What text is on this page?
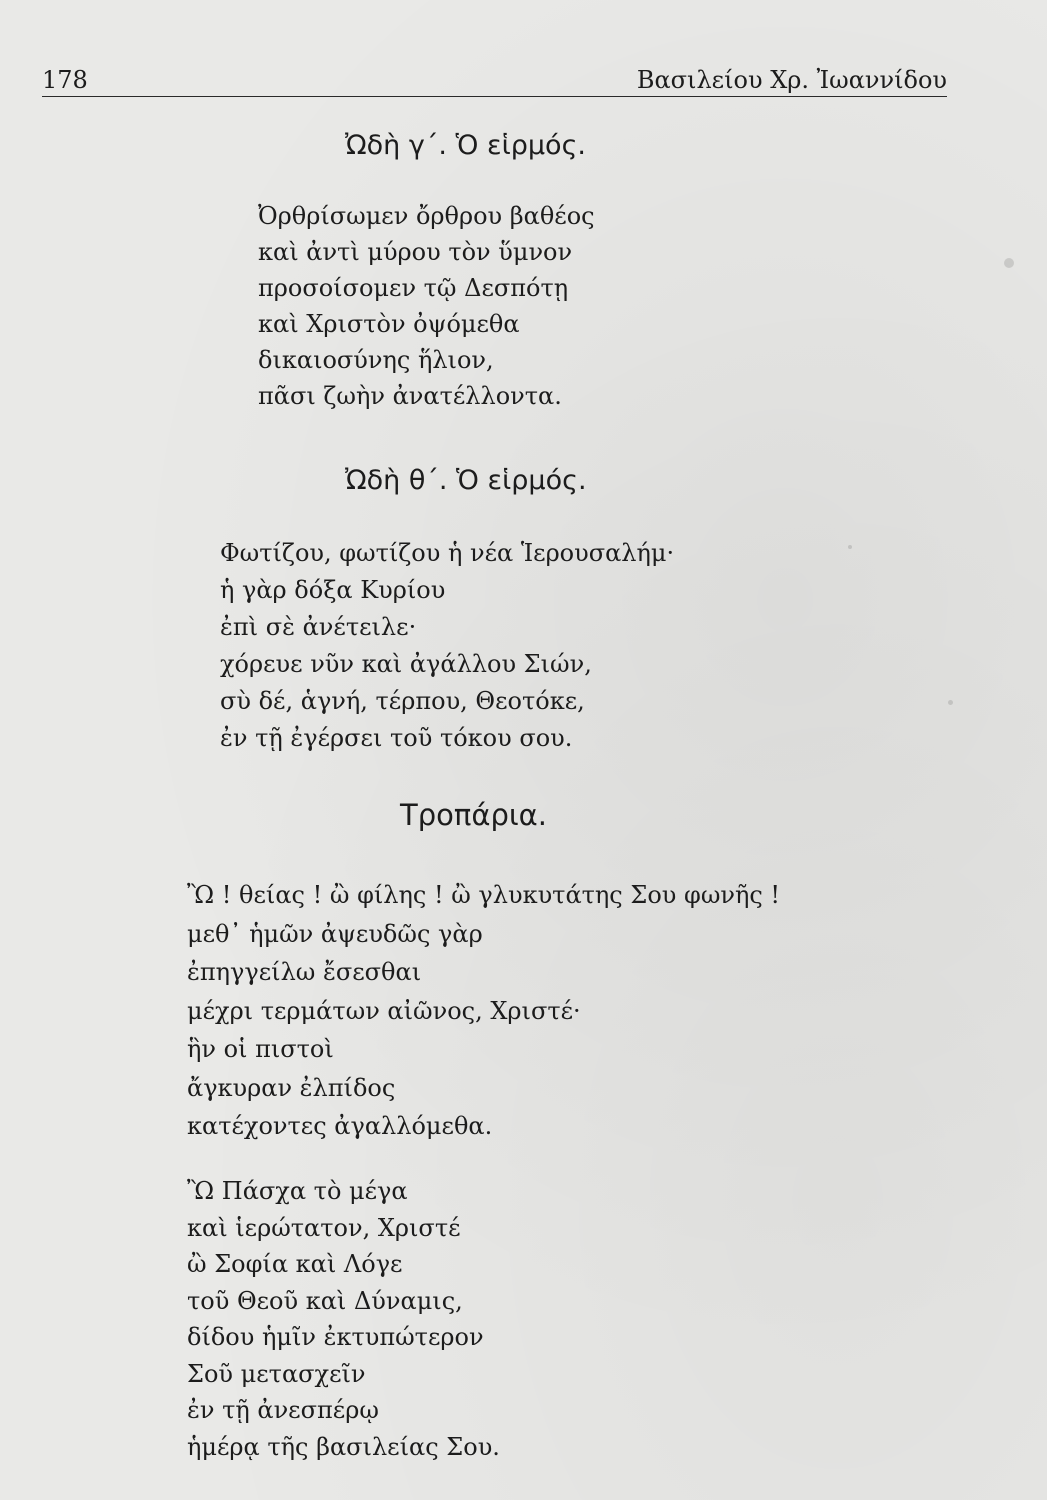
178	Βασιλείου Χρ. Ἰωαννίδου
Ὠδὴ γ΄. Ὁ εἱρμός.
Ὀρθρίσωμεν ὄρθρου βαθέος
καὶ ἀντὶ μύρου τὸν ὕμνον
προσοίσομεν τῷ Δεσπότῃ
καὶ Χριστὸν ὀψόμεθα
δικαιοσύνης ἥλιον,
πᾶσι ζωὴν ἀνατέλλοντα.
Ὠδὴ θ΄. Ὁ εἱρμός.
Φωτίζου, φωτίζου ἡ νέα Ἱερουσαλήμ·
ἡ γὰρ δόξα Κυρίου
ἐπὶ σὲ ἀνέτειλε·
χόρευε νῦν καὶ ἀγάλλου Σιών,
σὺ δέ, ἁγνή, τέρπου, Θεοτόκε,
ἐν τῇ ἐγέρσει τοῦ τόκου σου.
Τροπάρια.
Ὢ ! θείας ! ὢ φίλης ! ὢ γλυκυτάτης Σου φωνῆς !
μεθ᾽ ἡμῶν ἀψευδῶς γὰρ
ἐπηγγείλω ἔσεσθαι
μέχρι τερμάτων αἰῶνος, Χριστέ·
ἣν οἱ πιστοὶ
ἄγκυραν ἐλπίδος
κατέχοντες ἀγαλλόμεθα.
Ὢ Πάσχα τὸ μέγα
καὶ ἱερώτατον, Χριστέ
ὢ Σοφία καὶ Λόγε
τοῦ Θεοῦ καὶ Δύναμις,
δίδου ἡμῖν ἐκτυπώτερον
Σοῦ μετασχεῖν
ἐν τῇ ἀνεσπέρῳ
ἡμέρᾳ τῆς βασιλείας Σου.
